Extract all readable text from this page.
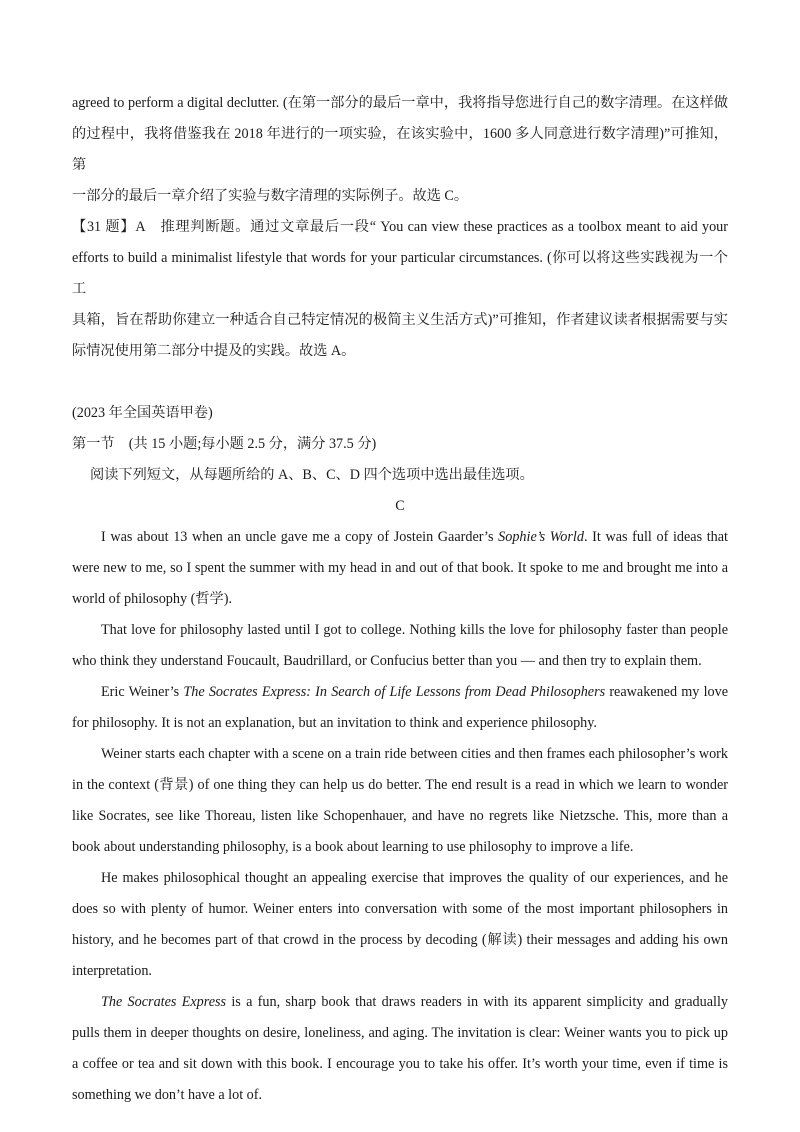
agreed to perform a digital declutter. (在第一部分的最后一章中，我将指导您进行自己的数字清理。在这样做

的过程中，我将借鉴我在 2018 年进行的一项实验，在该实验中，1600 多人同意进行数字清理)”可推知，第

一部分的最后一章介绍了实验与数字清理的实际例子。故选 C。

【31 题】A　推理判断题。通过文章最后一段“ You can view these practices as a toolbox meant to aid your

efforts to build a minimalist lifestyle that words for your particular circumstances. (你可以将这些实践视为一个工

具箱，旨在帮助你建立一种适合自己特定情况的极简主义生活方式)”可推知，作者建议读者根据需要与实

际情况使用第二部分中提及的实践。故选 A。

(2023 年全国英语甲卷)

第一节　(共 15 小题;每小题 2.5 分，满分 37.5 分)

阅读下列短文，从每题所给的 A、B、C、D 四个选项中选出最佳选项。

C

I was about 13 when an uncle gave me a copy of Jostein Gaarder’s Sophie’s World. It was full of ideas that were new to me, so I spent the summer with my head in and out of that book. It spoke to me and brought me into a world of philosophy (哲学).

That love for philosophy lasted until I got to college. Nothing kills the love for philosophy faster than people who think they understand Foucault, Baudrillard, or Confucius better than you — and then try to explain them.

Eric Weiner’s The Socrates Express: In Search of Life Lessons from Dead Philosophers reawakened my love for philosophy. It is not an explanation, but an invitation to think and experience philosophy.

Weiner starts each chapter with a scene on a train ride between cities and then frames each philosopher’s work in the context (背景) of one thing they can help us do better. The end result is a read in which we learn to wonder like Socrates, see like Thoreau, listen like Schopenhauer, and have no regrets like Nietzsche. This, more than a book about understanding philosophy, is a book about learning to use philosophy to improve a life.

He makes philosophical thought an appealing exercise that improves the quality of our experiences, and he does so with plenty of humor. Weiner enters into conversation with some of the most important philosophers in history, and he becomes part of that crowd in the process by decoding (解读) their messages and adding his own interpretation.

The Socrates Express is a fun, sharp book that draws readers in with its apparent simplicity and gradually pulls them in deeper thoughts on desire, loneliness, and aging. The invitation is clear: Weiner wants you to pick up a coffee or tea and sit down with this book. I encourage you to take his offer. It’s worth your time, even if time is something we don’t have a lot of.
